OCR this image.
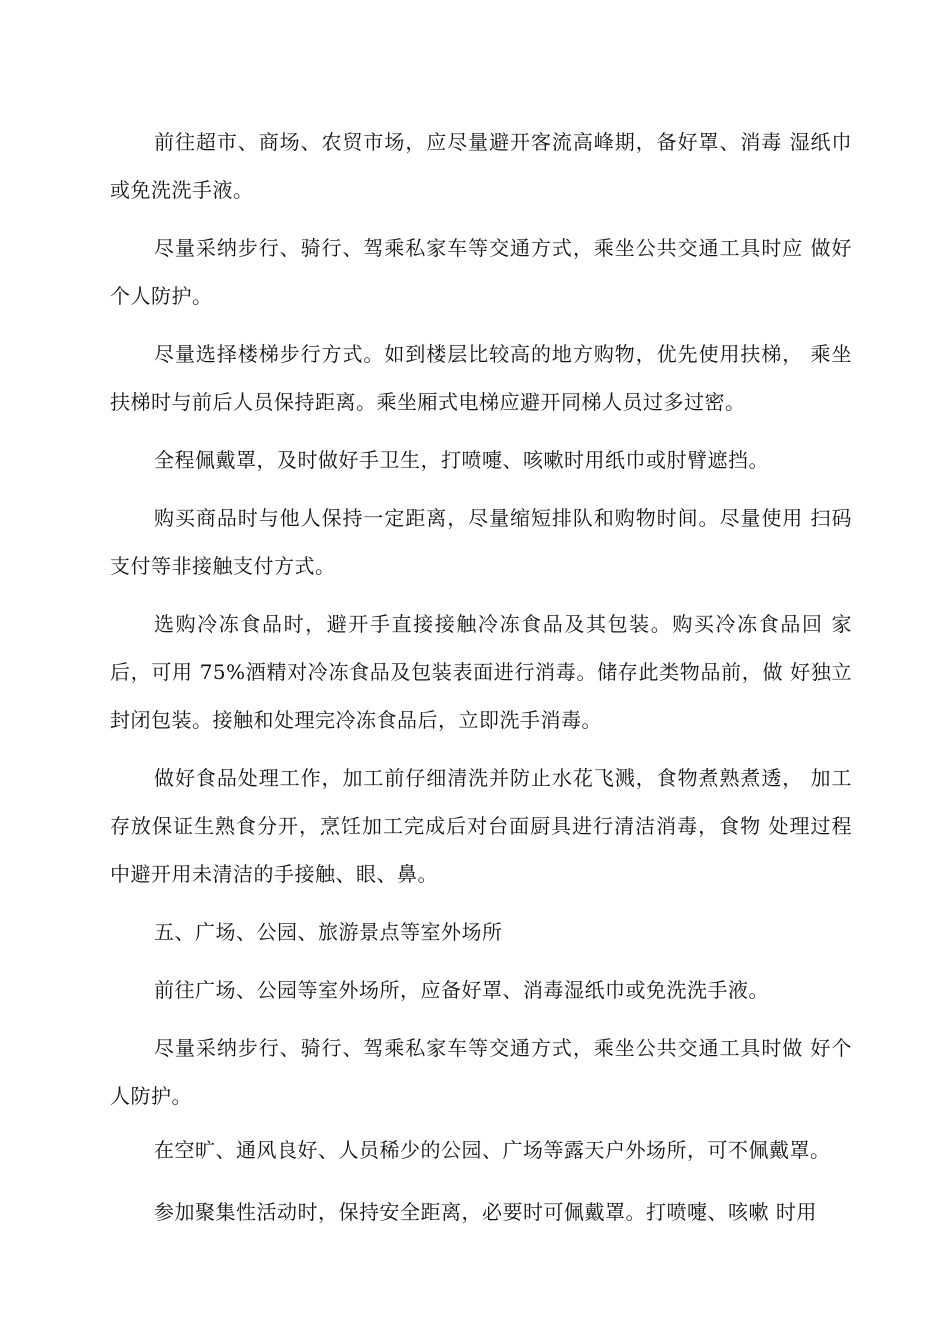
前往超市、商场、农贸市场，应尽量避开客流高峰期，备好罩、消毒 湿纸巾或免洗洗手液。

尽量采纳步行、骑行、驾乘私家车等交通方式，乘坐公共交通工具时应 做好个人防护。

尽量选择楼梯步行方式。如到楼层比较高的地方购物，优先使用扶梯， 乘坐扶梯时与前后人员保持距离。乘坐厢式电梯应避开同梯人员过多过密。

全程佩戴罩，及时做好手卫生，打喷嚏、咳嗽时用纸巾或肘臂遮挡。

购买商品时与他人保持一定距离，尽量缩短排队和购物时间。尽量使用 扫码支付等非接触支付方式。

选购冷冻食品时，避开手直接接触冷冻食品及其包装。购买冷冻食品回 家后，可用 75%酒精对冷冻食品及包装表面进行消毒。储存此类物品前，做 好独立封闭包装。接触和处理完冷冻食品后，立即洗手消毒。

做好食品处理工作，加工前仔细清洗并防止水花飞溅，食物煮熟煮透， 加工存放保证生熟食分开，烹饪加工完成后对台面厨具进行清洁消毒，食物 处理过程中避开用未清洁的手接触、眼、鼻。

五、广场、公园、旅游景点等室外场所

前往广场、公园等室外场所，应备好罩、消毒湿纸巾或免洗洗手液。

尽量采纳步行、骑行、驾乘私家车等交通方式，乘坐公共交通工具时做 好个人防护。

在空旷、通风良好、人员稀少的公园、广场等露天户外场所，可不佩戴罩。

参加聚集性活动时，保持安全距离，必要时可佩戴罩。打喷嚏、咳嗽 时用
